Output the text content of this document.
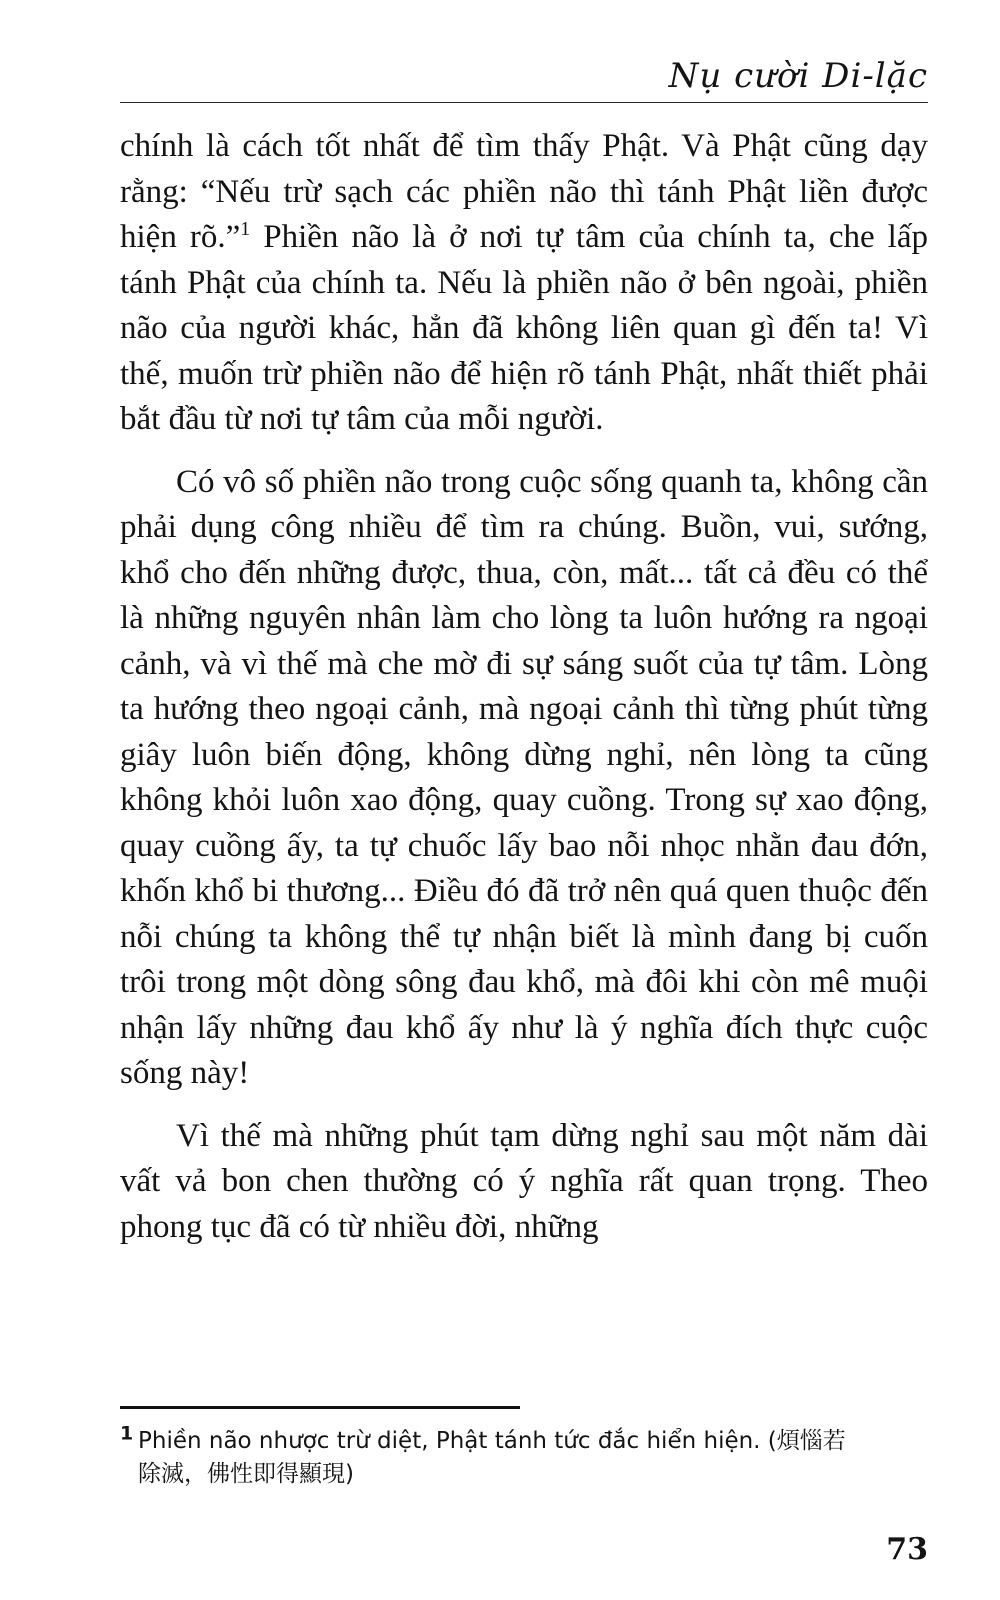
Nụ cười Di-lặc

chính là cách tốt nhất để tìm thấy Phật. Và Phật cũng dạy rằng: “Nếu trừ sạch các phiền não thì tánh Phật liền được hiện rõ.”$^1$ Phiền não là ở nơi tự tâm của chính ta, che lấp tánh Phật của chính ta. Nếu là phiền não ở bên ngoài, phiền não của người khác, hẳn đã không liên quan gì đến ta! Vì thế, muốn trừ phiền não để hiện rõ tánh Phật, nhất thiết phải bắt đầu từ nơi tự tâm của mỗi người.

Có vô số phiền não trong cuộc sống quanh ta, không cần phải dụng công nhiều để tìm ra chúng. Buồn, vui, sướng, khổ cho đến những được, thua, còn, mất... tất cả đều có thể là những nguyên nhân làm cho lòng ta luôn hướng ra ngoại cảnh, và vì thế mà che mờ đi sự sáng suốt của tự tâm. Lòng ta hướng theo ngoại cảnh, mà ngoại cảnh thì từng phút từng giây luôn biến động, không dừng nghỉ, nên lòng ta cũng không khỏi luôn xao động, quay cuồng. Trong sự xao động, quay cuồng ấy, ta tự chuốc lấy bao nỗi nhọc nhằn đau đớn, khốn khổ bi thương... Điều đó đã trở nên quá quen thuộc đến nỗi chúng ta không thể tự nhận biết là mình đang bị cuốn trôi trong một dòng sông đau khổ, mà đôi khi còn mê muội nhận lấy những đau khổ ấy như là ý nghĩa đích thực cuộc sống này!

Vì thế mà những phút tạm dừng nghỉ sau một năm dài vất vả bon chen thường có ý nghĩa rất quan trọng. Theo phong tục đã có từ nhiều đời, những

$^1$ Phiền não nhược trừ diệt, Phật tánh tức đắc hiển hiện. (煩惱若
除滅，佛性即得顯現)
73
